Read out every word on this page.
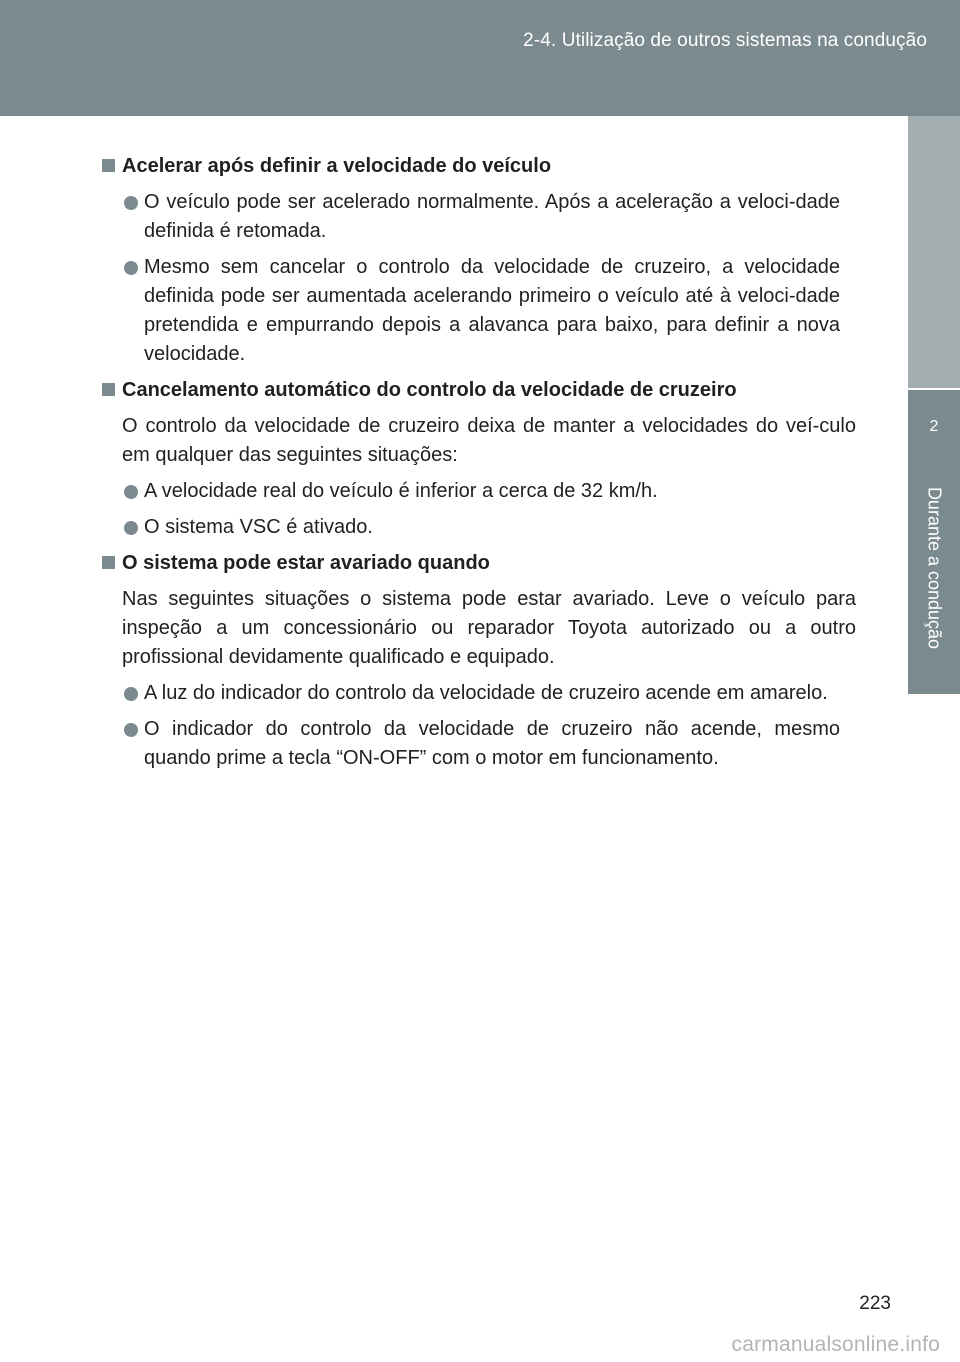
2-4. Utilização de outros sistemas na condução
2
Durante a condução
Acelerar após definir a velocidade do veículo
O veículo pode ser acelerado normalmente. Após a aceleração a veloci-dade definida é retomada.
Mesmo sem cancelar o controlo da velocidade de cruzeiro, a velocidade definida pode ser aumentada acelerando primeiro o veículo até à veloci-dade pretendida e empurrando depois a alavanca para baixo, para definir a nova velocidade.
Cancelamento automático do controlo da velocidade de cruzeiro
O controlo da velocidade de cruzeiro deixa de manter a velocidades do veí-culo em qualquer das seguintes situações:
A velocidade real do veículo é inferior a cerca de 32 km/h.
O sistema VSC é ativado.
O sistema pode estar avariado quando
Nas seguintes situações o sistema pode estar avariado. Leve o veículo para inspeção a um concessionário ou reparador Toyota autorizado ou a outro profissional devidamente qualificado e equipado.
A luz do indicador do controlo da velocidade de cruzeiro acende em amarelo.
O indicador do controlo da velocidade de cruzeiro não acende, mesmo quando prime a tecla “ON-OFF” com o motor em funcionamento.
223
carmanualsonline.info
